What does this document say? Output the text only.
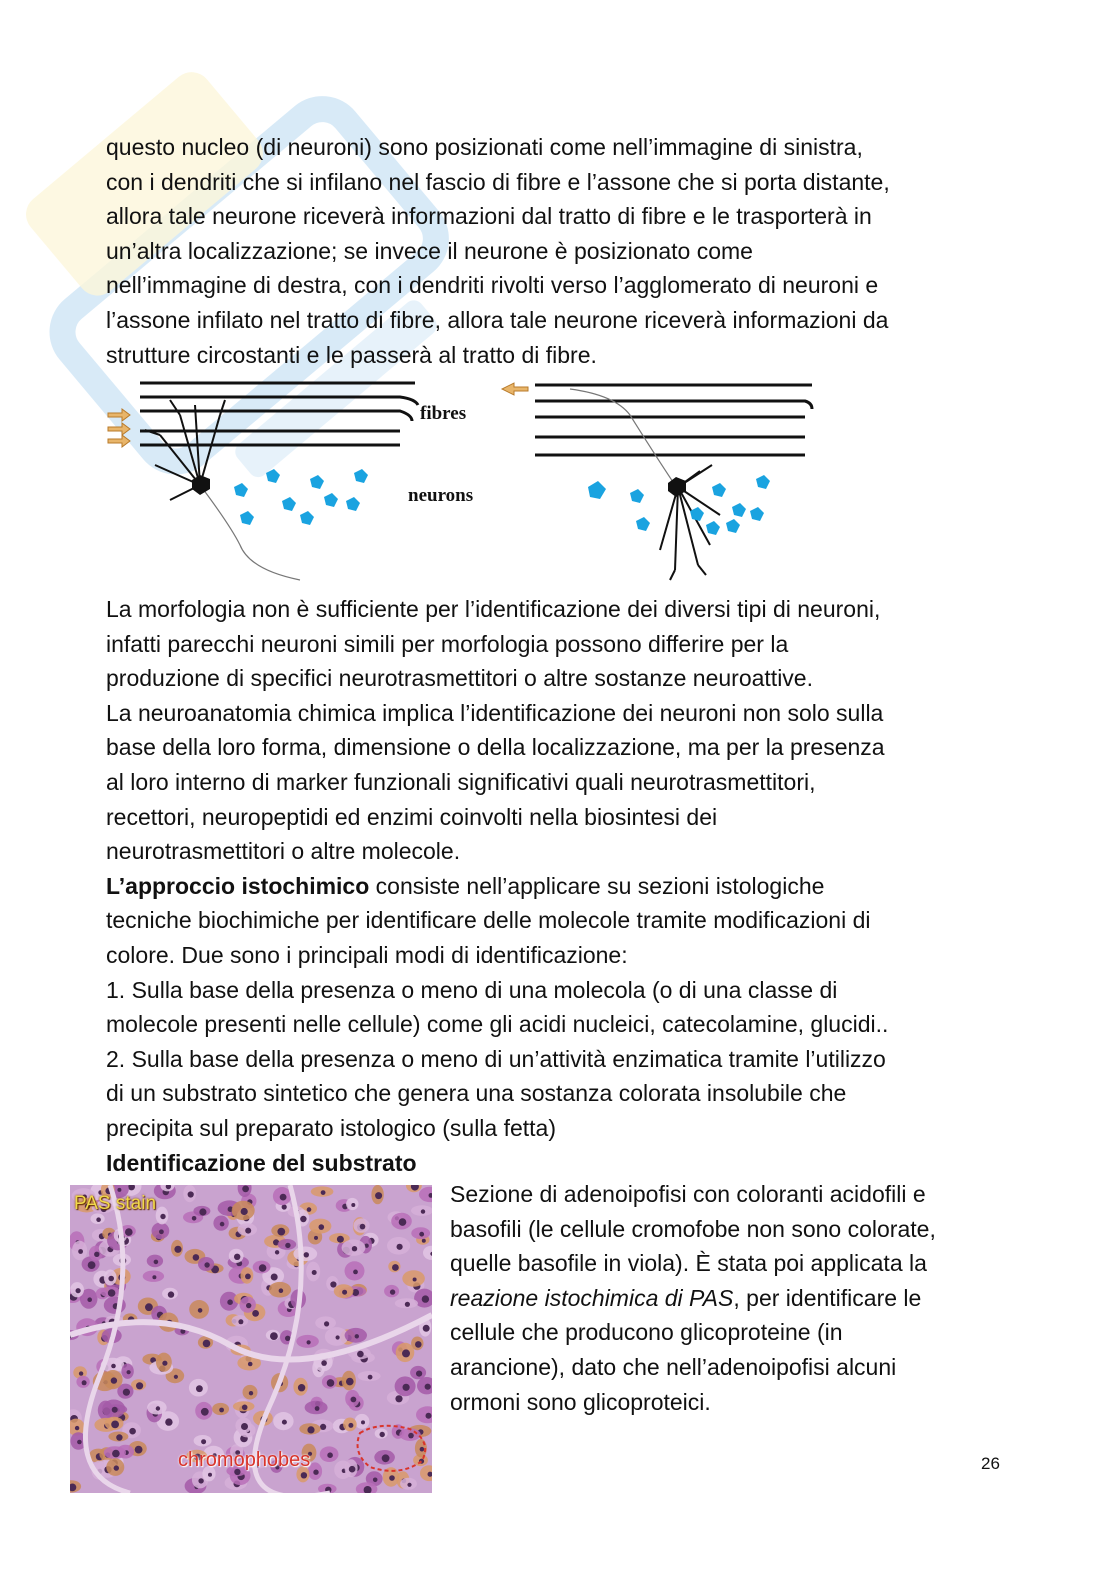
questo nucleo (di neuroni) sono posizionati come nell’immagine di sinistra,
con i dendriti che si infilano nel fascio di fibre e l’assone che si porta distante,
allora tale neurone riceverà informazioni dal tratto di fibre e le trasporterà in
un’altra localizzazione; se invece il neurone è posizionato come
nell’immagine di destra, con i dendriti rivolti verso l’agglomerato di neuroni e
l’assone infilato nel tratto di fibre, allora tale neurone riceverà informazioni da
strutture circostanti e le passerà al tratto di fibre.

fibres
neurons

La morfologia non è sufficiente per l’identificazione dei diversi tipi di neuroni,
infatti parecchi neuroni simili per morfologia possono differire per la
produzione di specifici neurotrasmettitori o altre sostanze neuroattive.
La neuroanatomia chimica implica l’identificazione dei neuroni non solo sulla
base della loro forma, dimensione o della localizzazione, ma per la presenza
al loro interno di marker funzionali significativi quali neurotrasmettitori,
recettori, neuropeptidi ed enzimi coinvolti nella biosintesi dei
neurotrasmettitori o altre molecole.
L’approccio istochimico consiste nell’applicare su sezioni istologiche
tecniche biochimiche per identificare delle molecole tramite modificazioni di
colore. Due sono i principali modi di identificazione:
1. Sulla base della presenza o meno di una molecola (o di una classe di
molecole presenti nelle cellule) come gli acidi nucleici, catecolamine, glucidi..
2. Sulla base della presenza o meno di un’attività enzimatica tramite l’utilizzo
di un substrato sintetico che genera una sostanza colorata insolubile che
precipita sul preparato istologico (sulla fetta)
Identificazione del substrato

PAS stain
chromophobes

Sezione di adenoipofisi con coloranti acidofili e
basofili (le cellule cromofobe non sono colorate,
quelle basofile in viola). È stata poi applicata la
reazione istochimica di PAS, per identificare le
cellule che producono glicoproteine (in
arancione), dato che nell’adenoipofisi alcuni
ormoni sono glicoproteici.

26
